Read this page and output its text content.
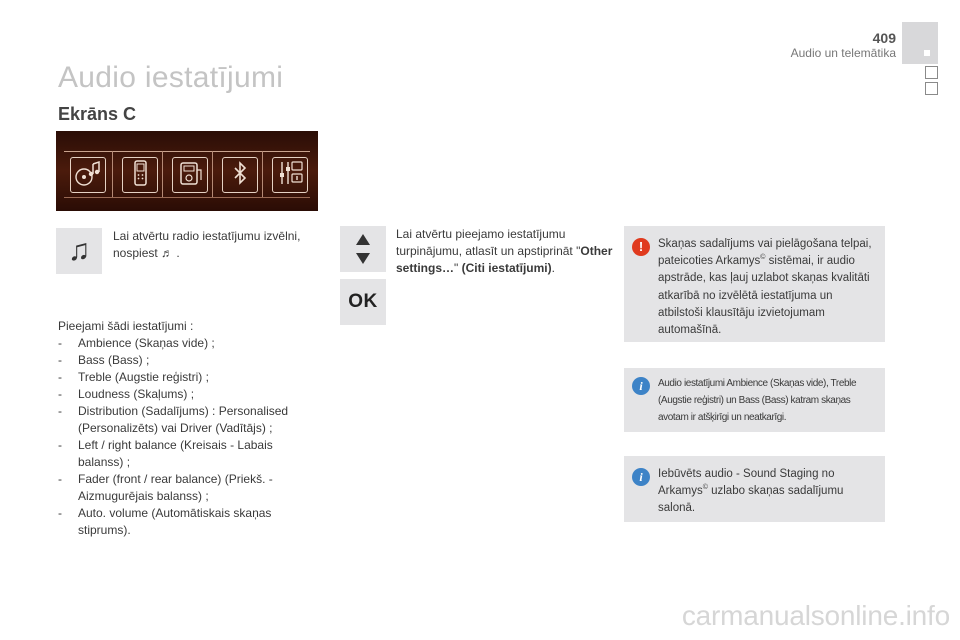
409
Audio un telemātika
Audio iestatījumi
Ekrāns C
♫ Lai atvērtu radio iestatījumu izvēlni, nospiest ♬ .
OK
Lai atvērtu pieejamo iestatījumu turpinājumu, atlasīt un apstiprināt "Other settings…" (Citi iestatījumi).
Pieejami šādi iestatījumi :
- Ambience (Skaņas vide) ;
- Bass (Bass) ;
- Treble (Augstie reģistri) ;
- Loudness (Skaļums) ;
- Distribution (Sadalījums) : Personalised (Personalizēts) vai Driver (Vadītājs) ;
- Left / right balance (Kreisais - Labais balanss) ;
- Fader (front / rear balance) (Priekš. - Aizmugurējais balanss) ;
- Auto. volume (Automātiskais skaņas stiprums).
!	Skaņas sadalījums vai pielāgošana telpai, pateicoties Arkamys© sistēmai, ir audio apstrāde, kas ļauj uzlabot skaņas kvalitāti atkarībā no izvēlētā iestatījuma un atbilstoši klausītāju izvietojumam automašīnā.
i	Audio iestatījumi Ambience (Skaņas vide), Treble (Augstie reģistri) un Bass (Bass) katram skaņas avotam ir atšķirīgi un neatkarīgi.
i	Iebūvēts audio - Sound Staging no Arkamys© uzlabo skaņas sadalījumu salonā.
carmanualsonline.info
